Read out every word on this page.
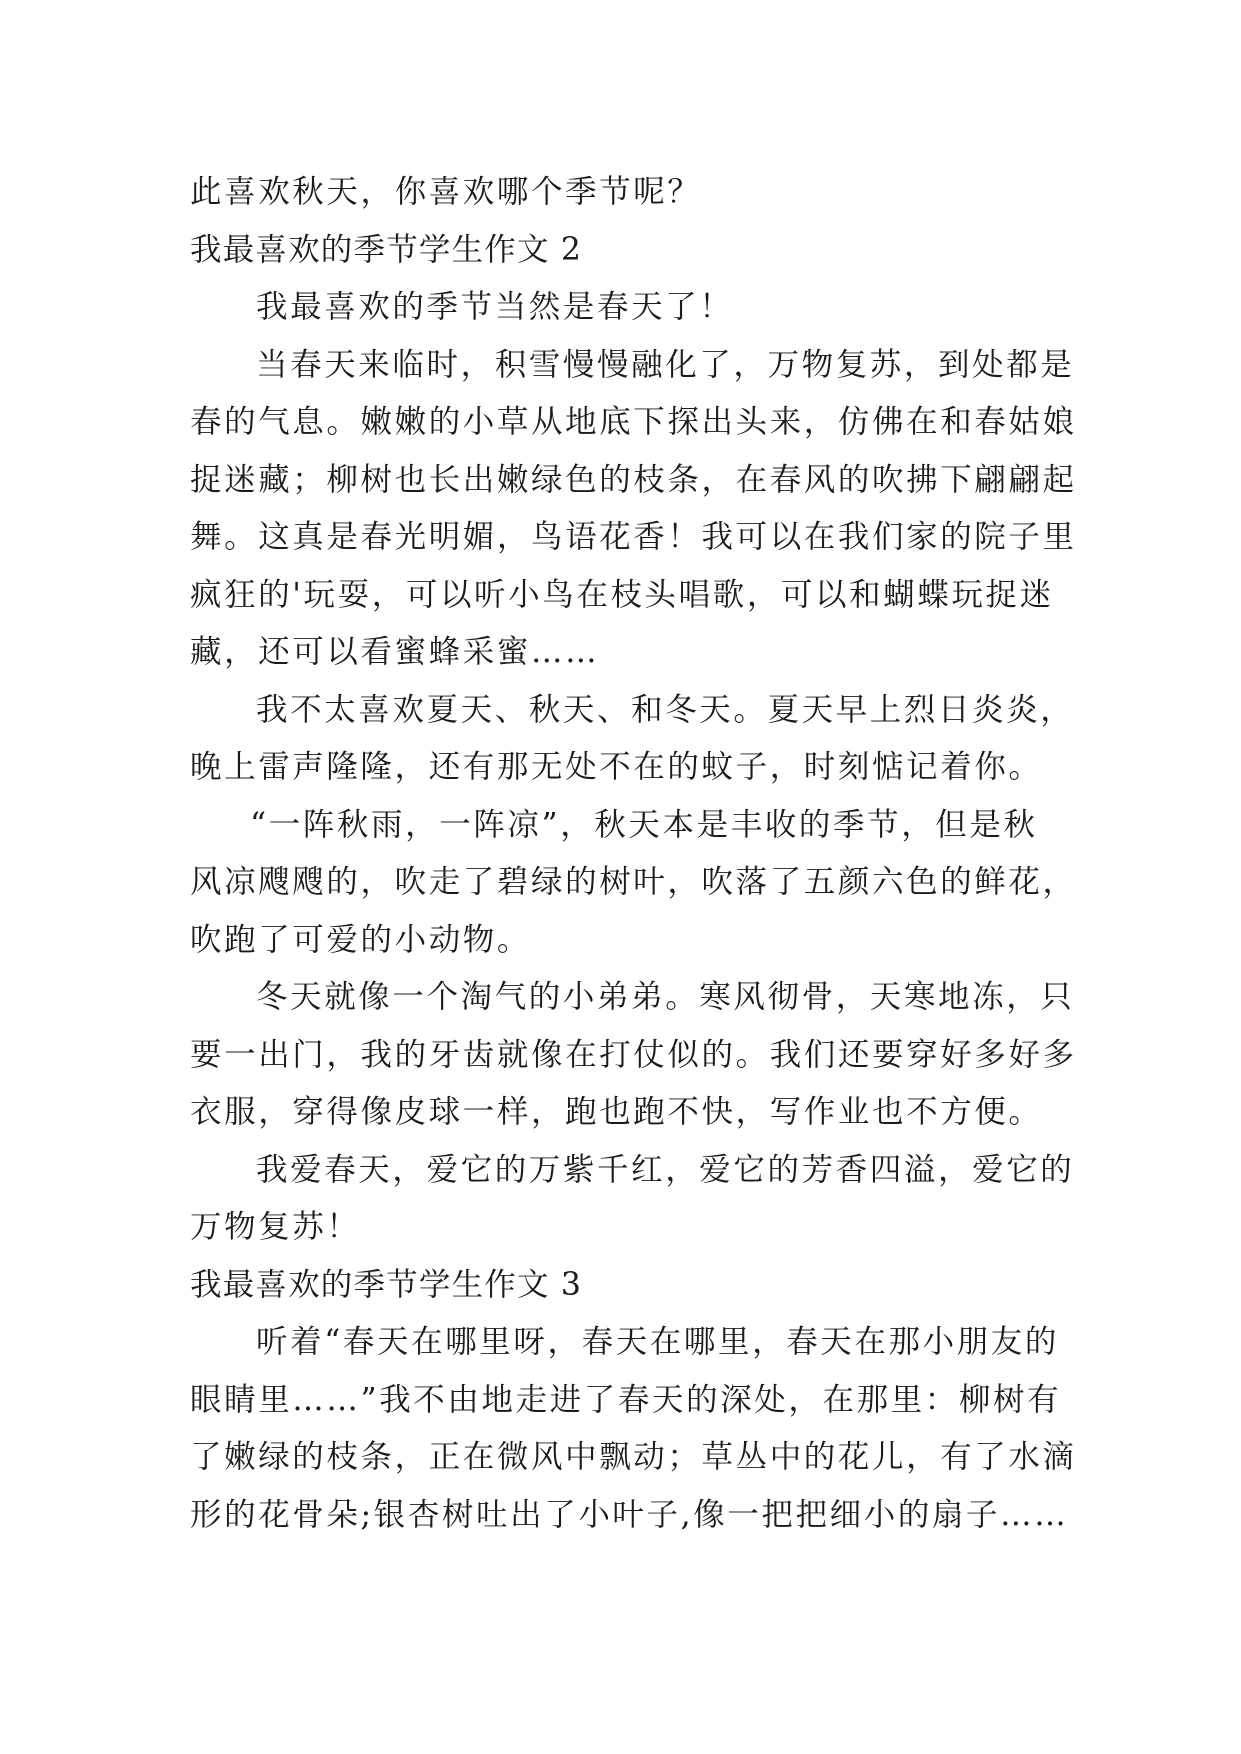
此喜欢秋天，你喜欢哪个季节呢？
我最喜欢的季节学生作文 2
我最喜欢的季节当然是春天了！
当春天来临时，积雪慢慢融化了，万物复苏，到处都是
春的气息。嫩嫩的小草从地底下探出头来，仿佛在和春姑娘
捉迷藏；柳树也长出嫩绿色的枝条，在春风的吹拂下翩翩起
舞。这真是春光明媚，鸟语花香！我可以在我们家的院子里
疯狂的'玩耍，可以听小鸟在枝头唱歌，可以和蝴蝶玩捉迷
藏，还可以看蜜蜂采蜜……
我不太喜欢夏天、秋天、和冬天。夏天早上烈日炎炎，
晚上雷声隆隆，还有那无处不在的蚊子，时刻惦记着你。
“一阵秋雨，一阵凉”，秋天本是丰收的季节，但是秋
风凉飕飕的，吹走了碧绿的树叶，吹落了五颜六色的鲜花，
吹跑了可爱的小动物。
冬天就像一个淘气的小弟弟。寒风彻骨，天寒地冻，只
要一出门，我的牙齿就像在打仗似的。我们还要穿好多好多
衣服，穿得像皮球一样，跑也跑不快，写作业也不方便。
我爱春天，爱它的万紫千红，爱它的芳香四溢，爱它的
万物复苏！
我最喜欢的季节学生作文 3
听着“春天在哪里呀，春天在哪里，春天在那小朋友的
眼睛里……”我不由地走进了春天的深处，在那里：柳树有
了嫩绿的枝条，正在微风中飘动；草丛中的花儿，有了水滴
形的花骨朵;银杏树吐出了小叶子,像一把把细小的扇子……
